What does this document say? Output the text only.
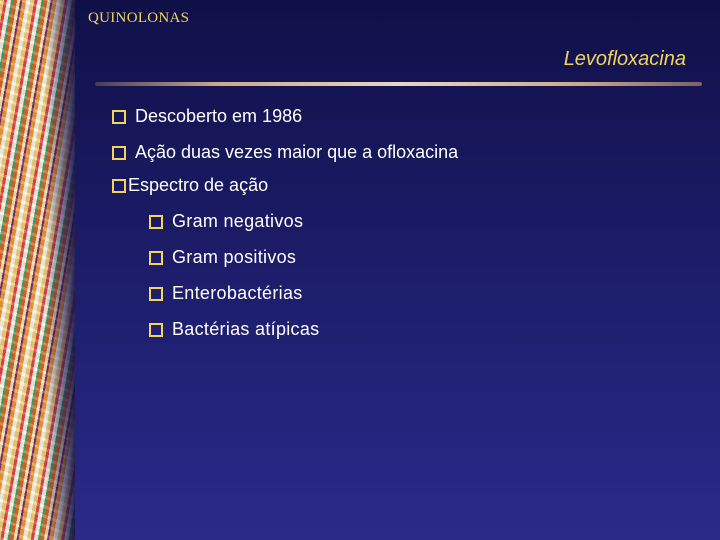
QUINOLONAS
Levofloxacina
Descoberto em 1986
Ação duas vezes maior que a ofloxacina
Espectro de ação
Gram negativos
Gram positivos
Enterobactérias
Bactérias atípicas
